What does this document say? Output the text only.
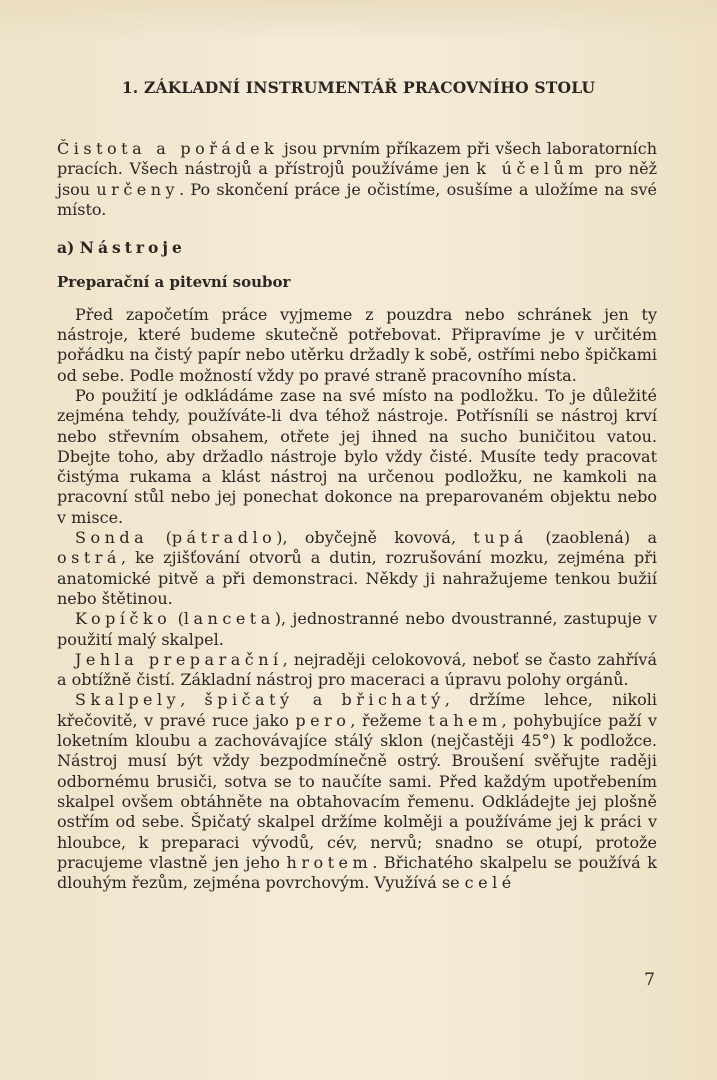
1. ZÁKLADNÍ INSTRUMENTÁŘ PRACOVNÍHO STOLU

Čistota a pořádek jsou prvním příkazem při všech laboratorních pracích. Všech nástrojů a přístrojů používáme jen k účelům pro něž jsou určeny. Po skončení práce je očistíme, osušíme a uložíme na své místo.

a) Nástroje
Preparační a pitevní soubor

Před započetím práce vyjmeme z pouzdra nebo schránek jen ty nástroje, které budeme skutečně potřebovat. Připravíme je v určitém pořádku na čistý papír nebo utěrku držadly k sobě, ostřími nebo špičkami od sebe. Podle možností vždy po pravé straně pracovního místa.

Po použití je odkládáme zase na své místo na podložku. To je důležité zejména tehdy, používáte-li dva téhož nástroje. Potřísníli se nástroj krví nebo střevním obsahem, otřete jej ihned na sucho buničitou vatou. Dbejte toho, aby držadlo nástroje bylo vždy čisté. Musíte tedy pracovat čistýma rukama a klást nástroj na určenou podložku, ne kamkoli na pracovní stůl nebo jej ponechat dokonce na preparovaném objektu nebo v misce.

Sonda (pátradlo), obyčejně kovová, tupá (zaoblená) a ostrá, ke zjišťování otvorů a dutin, rozrušování mozku, zejména při anatomické pitvě a při demonstraci. Někdy ji nahražujeme tenkou bužií nebo štětinou.

Kopíčko (lanceta), jednostranné nebo dvoustranné, zastupuje v použití malý skalpel.

Jehla preparační, nejraději celokovová, neboť se často zahřívá a obtížně čistí. Základní nástroj pro maceraci a úpravu polohy orgánů.

Skalpely, špičatý a břichatý, držíme lehce, nikoli křečovitě, v pravé ruce jako pero, řežeme tahem, pohybujíce paží v loketním kloubu a zachovávajíce stálý sklon (nejčastěji 45°) k podložce. Nástroj musí být vždy bezpodmínečně ostrý. Broušení svěřujte raději odbornému brusiči, sotva se to naučíte sami. Před každým upotřebením skalpel ovšem obtáhněte na obtahovacím řemenu. Odkládejte jej plošně ostřím od sebe. Špičatý skalpel držíme kolměji a používáme jej k práci v hloubce, k preparaci vývodů, cév, nervů; snadno se otupí, protože pracujeme vlastně jen jeho hrotem. Břichatého skalpelu se používá k dlouhým řezům, zejména povrchovým. Využívá se celé

7
